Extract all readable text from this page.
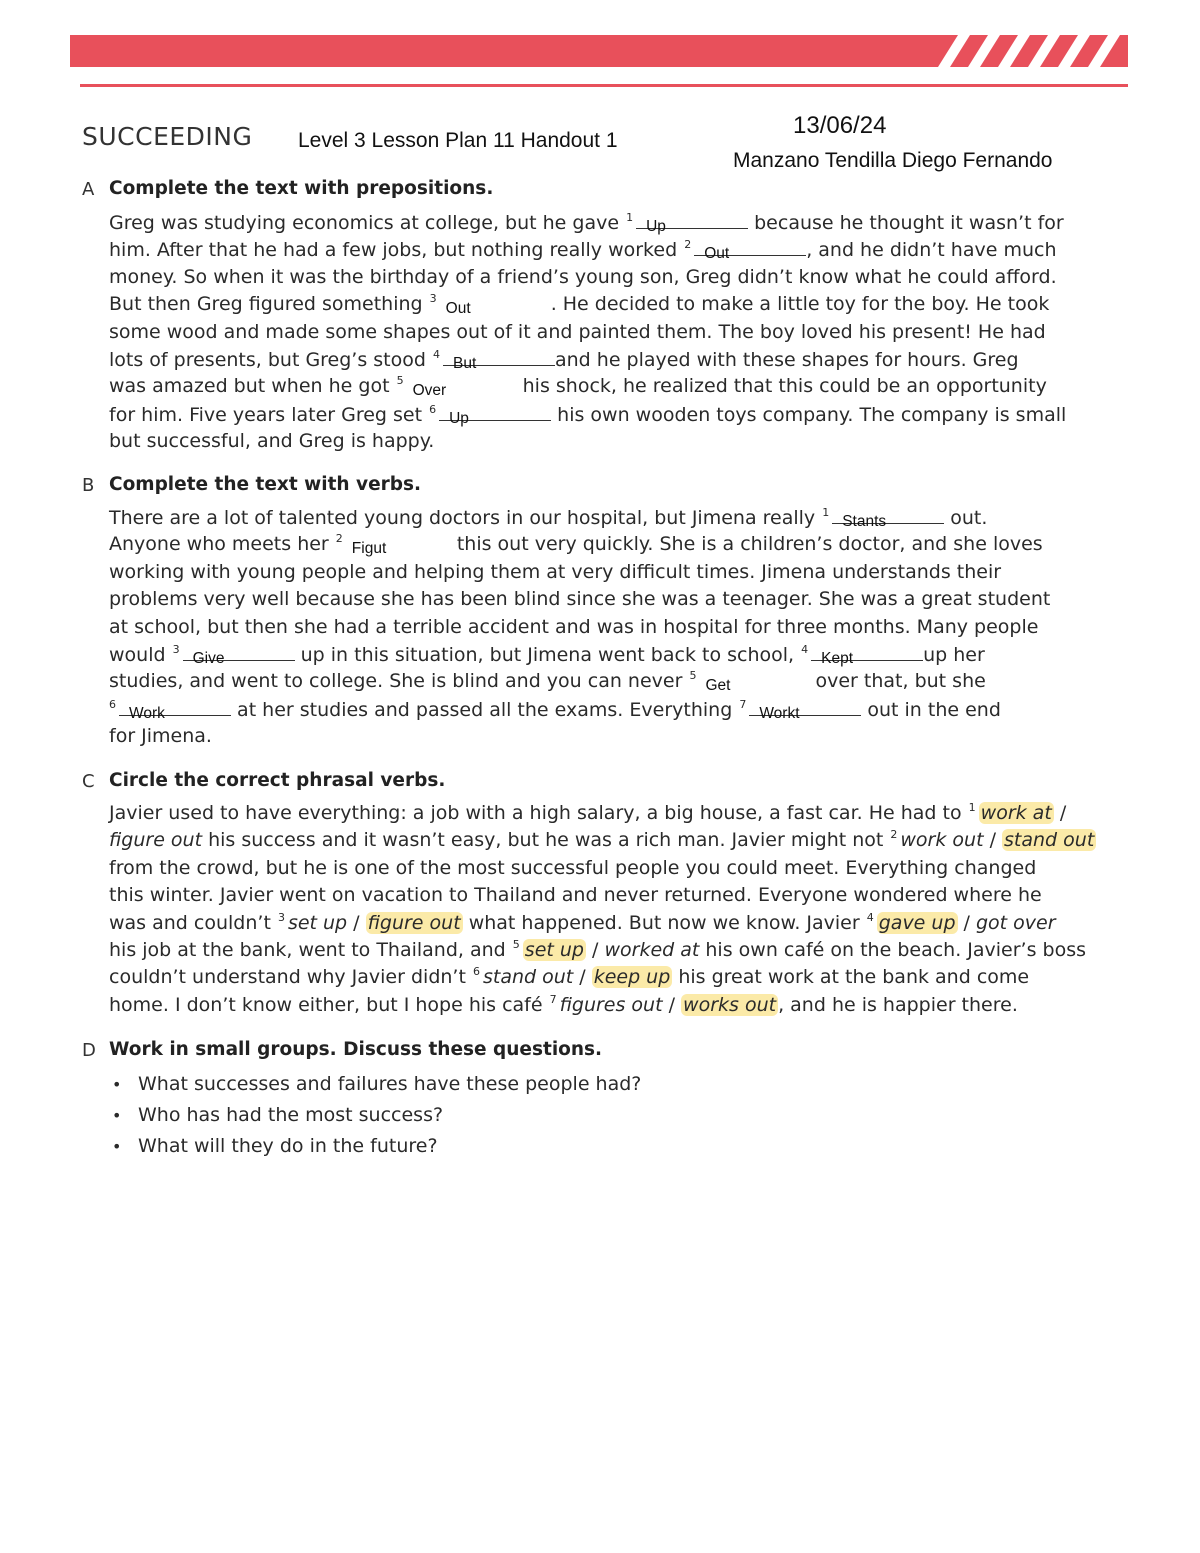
SUCCEEDING Level 3 Lesson Plan 11 Handout 1
13/06/24
Manzano Tendilla Diego Fernando
A Complete the text with prepositions.
Greg was studying economics at college, but he gave $^1$
Up	because he thought it wasn’t for
him. After that he had a few jobs, but nothing really worked $^2$
Out	, and he didn’t have much
money. So when it was the birthday of a friend’s young son, Greg didn’t know what he could afford.
But then Greg figured something $^3$
Out	. He decided to make a little toy for the boy. He took
some wood and made some shapes out of it and painted them. The boy loved his present! He had
lots of presents, but Greg’s stood $^4$
But	and he played with these shapes for hours. Greg
was amazed but when he got $^5$
Over	his shock, he realized that this could be an opportunity
for him. Five years later Greg set $^6$
Up	his own wooden toys company. The company is small
but successful, and Greg is happy.
B Complete the text with verbs.
There are a lot of talented young doctors in our hospital, but Jimena really $^1$
Stants	out.
Anyone who meets her $^2$
Figut	this out very quickly. She is a children’s doctor, and she loves
working with young people and helping them at very difficult times. Jimena understands their
problems very well because she has been blind since she was a teenager. She was a great student
at school, but then she had a terrible accident and was in hospital for three months. Many people
would $^3$
Give	up in this situation, but Jimena went back to school, $^4$
Kept	up her
studies, and went to college. She is blind and you can never $^5$
Get	over that, but she
$^6$
Work	at her studies and passed all the exams. Everything $^7$
Workt	out in the end
for Jimena.
C Circle the correct phrasal verbs.
Javier used to have everything: a job with a high salary, a big house, a fast car. He had to $^1$ work at /
figure out his success and it wasn’t easy, but he was a rich man. Javier might not $^2$ work out / stand out
from the crowd, but he is one of the most successful people you could meet. Everything changed
this winter. Javier went on vacation to Thailand and never returned. Everyone wondered where he
was and couldn’t $^3$ set up / figure out what happened. But now we know. Javier $^4$ gave up / got over
his job at the bank, went to Thailand, and $^5$ set up / worked at his own café on the beach. Javier’s boss
couldn’t understand why Javier didn’t $^6$ stand out / keep up his great work at the bank and come
home. I don’t know either, but I hope his café $^7$ figures out / works out , and he is happier there.
D Work in small groups. Discuss these questions.
• What successes and failures have these people had?
• Who has had the most success?
• What will they do in the future?
